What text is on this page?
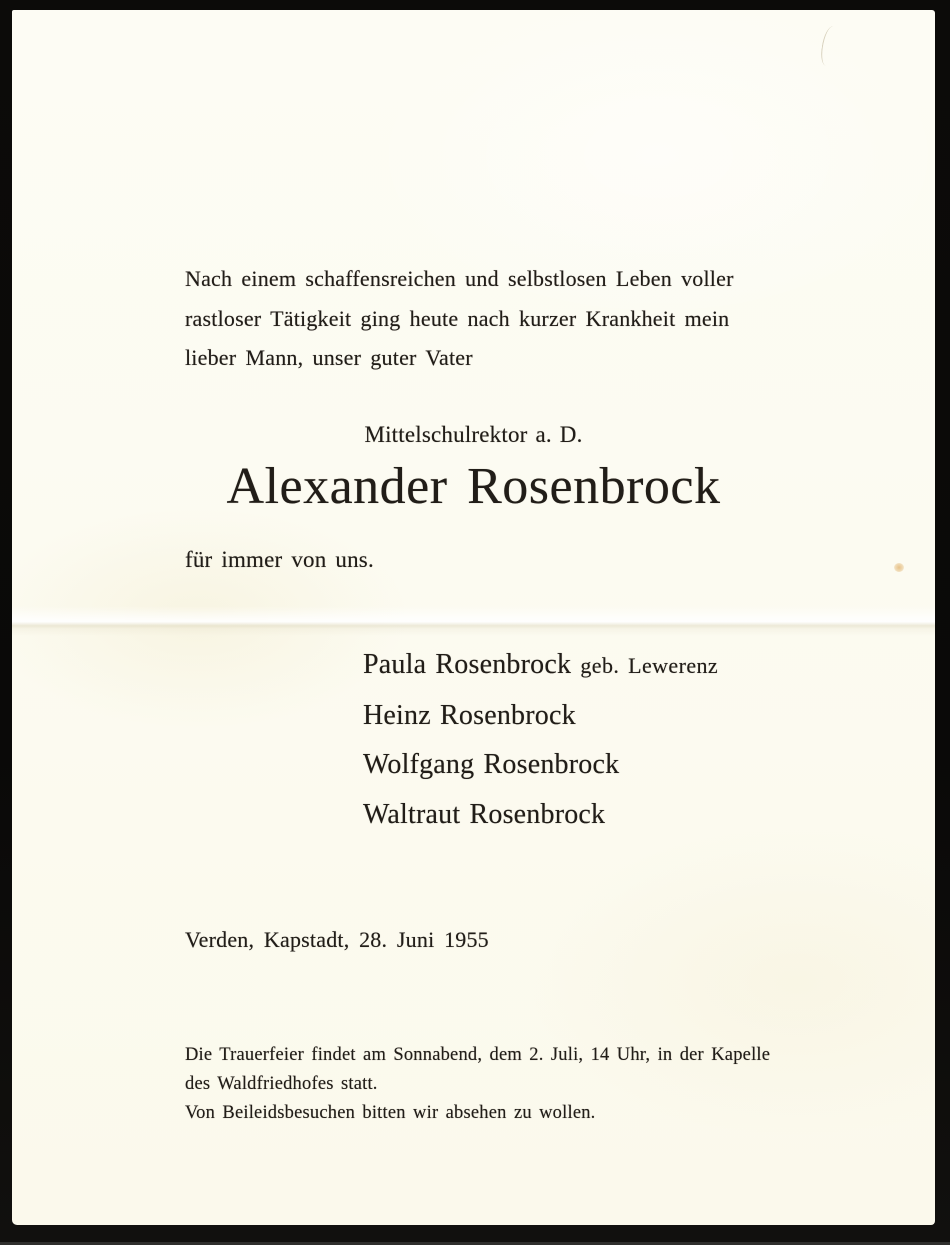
Nach einem schaffensreichen und selbstlosen Leben voller
rastloser Tätigkeit ging heute nach kurzer Krankheit mein
lieber Mann, unser guter Vater
Mittelschulrektor a. D.
Alexander Rosenbrock
für immer von uns.
Paula Rosenbrock geb. Lewerenz
Heinz Rosenbrock
Wolfgang Rosenbrock
Waltraut Rosenbrock
Verden, Kapstadt, 28. Juni 1955
Die Trauerfeier findet am Sonnabend, dem 2. Juli, 14 Uhr, in der Kapelle
des Waldfriedhofes statt.
Von Beileidsbesuchen bitten wir absehen zu wollen.
